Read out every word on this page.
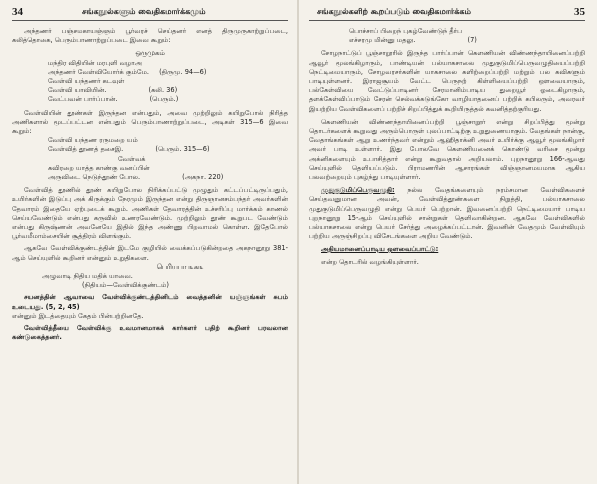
34	சங்கநூல்களும் வைதிகமார்க்கமும்

அந்தணர் பஞ்சமகாயஞ்ஞம் பூர்வரச் செய்தனர் எனத் திருமுருகாற்றுப்படை, கலித்தொகை, பெரும்பாணாற்றுப்படை இவை கூறும்:

ஒருமுகம்
மந்திர விதியின் மரபுளி வழாஅ
அந்தணர் வேள்வியோர்க் கும்மே. (திருமு. 94—6)
வேள்வி யந்தணர் கடவுள்
வேள்வி யாவியின்.	(கலி. 36)
வேட்பவன் பார்ப்பான்.	(பெரும்.)

வேள்வியின் தூண்கள் இருந்தன என்பதும், அவை முற்றிலும் கயிறுபோல் நிரித்த அணிகளால் மூடப்பட்டன என்பதும் பெரும்பாணாற்றுப்படை, அடிகள் 315—6 இவை கூறும்:

வேள்வி யந்தண ரருமறை யம்
வேள்வித் தூணத் தசைஇ.	(பெரும். 315—6)
வேள்வக்
கவிரறை யாத்த காண்கு வனப்பின்
அருவிடை நெடுந்தூண் போல.	(அகநா. 220)

வேள்வித் தூணில் தூண் கயிறுபோல நிரிக்கப்பட்டு முழுதும் கட்டப்பட்டிருப்பதும், உயிர்களின் இடுப்பு அக் கிருக்கும் நேரமும் இருந்தன என்று திருஞானசம்பந்தர் அவர்களின் தேவாரம் இதையே ஏற்புடைக் கூறும். அணிகள் தேவாரத்தின் உச்சரிப்பு மார்க்கம் காணல் செய்யவேண்டும் என்பது கருவில் உணரவேண்டும். முற்றிலும் தூண் கூறுபட வேண்டும் என்பது கிருஷ்ணன் அவனேயே இதில் இந்த அண்ணு பிறவாமல் கொள்ள. இதேபோல் பூர்வமீமாம்சையின் சூத்திரம் விளங்கும்.

ஆகவே வேள்விக்குண்டத்தின் இடமே குழியில் வைக்கப்படுகின்றதை அகநானூறு 381-ஆம் செய்யுளில் கூறினர் என்னும் உறுதிகளை.

பெரியபா ௩௧௩
அழுவாடி நிதிய மதிக் யாவை.
(நிதியம்—வேள்விக்குண்டம்)

சயனத்தின் ஆவாவை வேள்விக்குண்டத்தினிடம் வைத்தனின் யஞ்ஞங்கள் சுபம் உடையது. (5, 2, 45)

என்னும் இடத்தையும் கேதம் பின்பற்றினதே.

வேள்வித்தீயை வேள்விக்கு உவமானமாகக் கார்களர் பதிற் கூறினர் பரவலான கண்டுகைத்தனர்.

சங்கநூல்களிற் கூறப்படும் வைதிகமார்க்கம்	35
பொச்சாப் பிறைந் புகழ்வேண்டுந் தீர்ப
எச்சரமு மின்னு மதலு.	(7)

சோழநாட்டுப் பூஞ்சாறூரில் இருந்த பார்ப்பான் கௌணியன் விண்ணந்தாயினைப்பற்றி ஆவூர் மூலங்கிழாரும், பாண்டியன் பல்யாகசாலை முதுகுடுமிப்பெருவழுதியைப்பற்றி நெட்டிமையாரும், சோழவரசர்களின் யாகசாலை களிற்றைப்பற்றி மற்றும் பல கவிகளும் பாடியுள்ளனர். இராஜசூயம் வேட்ட பெருநற் கிள்ளியைப்பற்றி ஔவையாரும், பல்கேள்வியை வேட்டுப்பாடினர் சேரமானிம்பாடிய துறையூர் ஓடைகிழாரும், தளக்கேள்விப்பாடும் சேரன் செல்வக்கடுங்கோ வாழியாதனைப் பற்றிக் கபிலரும், அவரவர் இயற்றிய வேள்விகளைப் பற்றிச் சிறப்பித்துக் கூறியிருத்தல் கவனித்தற்குரியது.

கௌணியன் விண்ணந்தாயினைப்பற்றி பூஞ்சாறூர் என்று சிறப்பித்து மூன்று தொடர்களைக் கூறுவது அரும்பொருள் புலப்பாட்டிற்கு உறுதுணையாகும். வேதங்கள் நான்கு, வேதாங்கங்கள் ஆறு உணர்ந்தவர் என்றும் ஆஹிதாக்னி அவர் உயிர்க்கு ஆவூர் மூலங்கிழார் அவர் பாடி உள்ளார். இது போலவே கௌணியனைக் கொண்டு வரிசை மூன்று அக்னிகளையும் உபாசித்தார் என்று கூறுவதால் அறியலாம். புறநானூறு 166-ஆவது செய்யுளில் தெளியப்படும். பிராமணரின் ஆசாரங்கள் விஞ்ஞானமயமாக ஆகிய பலவற்றையும் புகழ்ந்து பாடியுள்ளார்.

முதுகுடுமிப்பெருவழுதி: நல்ல வேதங்களையும் நரம்சமான வேள்விகளைச் செய்தவனுமான அவன், வேள்வித்தூண்களை நிறுத்தி, பல்யாகசாலை முதுகுடுமிப்பெருவழுதி என்று பெயர் பெற்றான். இவனைப்பற்றி நெட்டிமையார் பாடிய புறநானூறு 15-ஆம் செய்யுளில் சான்றுகள் தெளிவாகின்றன. ஆகவே வேள்விகளில் பல்யாகசாலை என்று பெயர் சேர்த்து அழைக்கப்பட்டான். இவனின் வேதமும் வேள்வியும் பற்றிய அருஞ்சிறப்பு விசேடங்களை அறிய வேண்டும்.

அதியமானைப்பாடிய ஒளவைப்பாட்டு:

என்ற தொடரில் வழங்கியுள்ளார்.
